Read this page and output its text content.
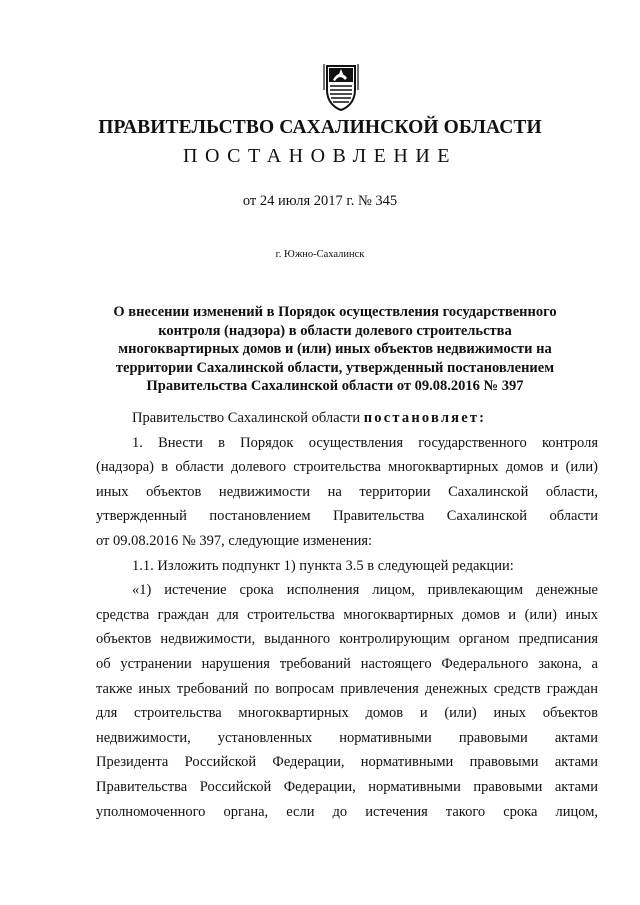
ПРАВИТЕЛЬСТВО САХАЛИНСКОЙ ОБЛАСТИ
ПОСТАНОВЛЕНИЕ
от 24 июля 2017 г. № 345
г. Южно-Сахалинск
О внесении изменений в Порядок осуществления государственного
контроля (надзора) в области долевого строительства
многоквартирных домов и (или) иных объектов недвижимости на
территории Сахалинской области, утвержденный постановлением
Правительства Сахалинской области от 09.08.2016 № 397
Правительство Сахалинской области постановляет:
1. Внести в Порядок осуществления государственного контроля
(надзора) в области долевого строительства многоквартирных домов и (или)
иных объектов недвижимости на территории Сахалинской области,
утвержденный постановлением Правительства Сахалинской области
от 09.08.2016 № 397, следующие изменения:
1.1. Изложить подпункт 1) пункта 3.5 в следующей редакции:
«1) истечение срока исполнения лицом, привлекающим денежные
средства граждан для строительства многоквартирных домов и (или) иных
объектов недвижимости, выданного контролирующим органом предписания
об устранении нарушения требований настоящего Федерального закона, а
также иных требований по вопросам привлечения денежных средств граждан
для строительства многоквартирных домов и (или) иных объектов
недвижимости, установленных нормативными правовыми актами
Президента Российской Федерации, нормативными правовыми актами
Правительства Российской Федерации, нормативными правовыми актами
уполномоченного органа, если до истечения такого срока лицом,
